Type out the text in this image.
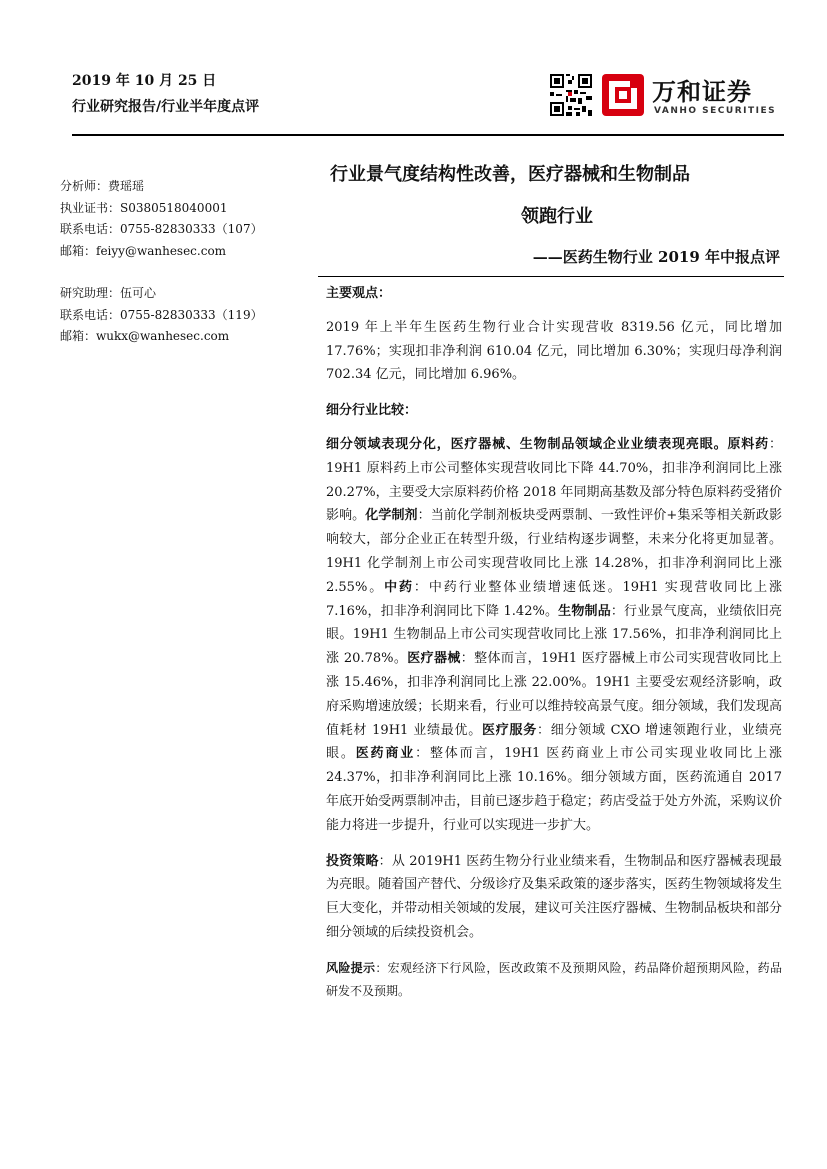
2019 年 10 月 25 日
行业研究报告/行业半年度点评
万和证券
VANHO SECURITIES
分析师：费瑶瑶
执业证书：S0380518040001
联系电话：0755-82830333（107）
邮箱：feiyy@wanhesec.com
研究助理：伍可心
联系电话：0755-82830333（119）
邮箱：wukx@wanhesec.com
行业景气度结构性改善，医疗器械和生物制品
领跑行业
——医药生物行业 2019 年中报点评

主要观点：

2019 年上半年生医药生物行业合计实现营收 8319.56 亿元，同比增加 17.76%；实现扣非净利润 610.04 亿元，同比增加 6.30%；实现归母净利润 702.34 亿元，同比增加 6.96%。

细分行业比较：

细分领域表现分化，医疗器械、生物制品领域企业业绩表现亮眼。原料药：19H1 原料药上市公司整体实现营收同比下降 44.70%，扣非净利润同比上涨 20.27%，主要受大宗原料药价格 2018 年同期高基数及部分特色原料药受猪价影响。化学制剂：当前化学制剂板块受两票制、一致性评价+集采等相关新政影响较大，部分企业正在转型升级，行业结构逐步调整，未来分化将更加显著。19H1 化学制剂上市公司实现营收同比上涨 14.28%，扣非净利润同比上涨 2.55%。中药：中药行业整体业绩增速低迷。19H1 实现营收同比上涨 7.16%，扣非净利润同比下降 1.42%。生物制品：行业景气度高，业绩依旧亮眼。19H1 生物制品上市公司实现营收同比上涨 17.56%，扣非净利润同比上涨 20.78%。医疗器械：整体而言，19H1 医疗器械上市公司实现营收同比上涨 15.46%，扣非净利润同比上涨 22.00%。19H1 主要受宏观经济影响，政府采购增速放缓；长期来看，行业可以维持较高景气度。细分领域，我们发现高值耗材 19H1 业绩最优。医疗服务：细分领域 CXO 增速领跑行业，业绩亮眼。医药商业：整体而言，19H1 医药商业上市公司实现业收同比上涨 24.37%，扣非净利润同比上涨 10.16%。细分领域方面，医药流通自 2017 年底开始受两票制冲击，目前已逐步趋于稳定；药店受益于处方外流，采购议价能力将进一步提升，行业可以实现进一步扩大。

投资策略：从 2019H1 医药生物分行业业绩来看，生物制品和医疗器械表现最为亮眼。随着国产替代、分级诊疗及集采政策的逐步落实，医药生物领域将发生巨大变化，并带动相关领域的发展，建议可关注医疗器械、生物制品板块和部分细分领域的后续投资机会。

风险提示：宏观经济下行风险，医改政策不及预期风险，药品降价超预期风险，药品研发不及预期。
